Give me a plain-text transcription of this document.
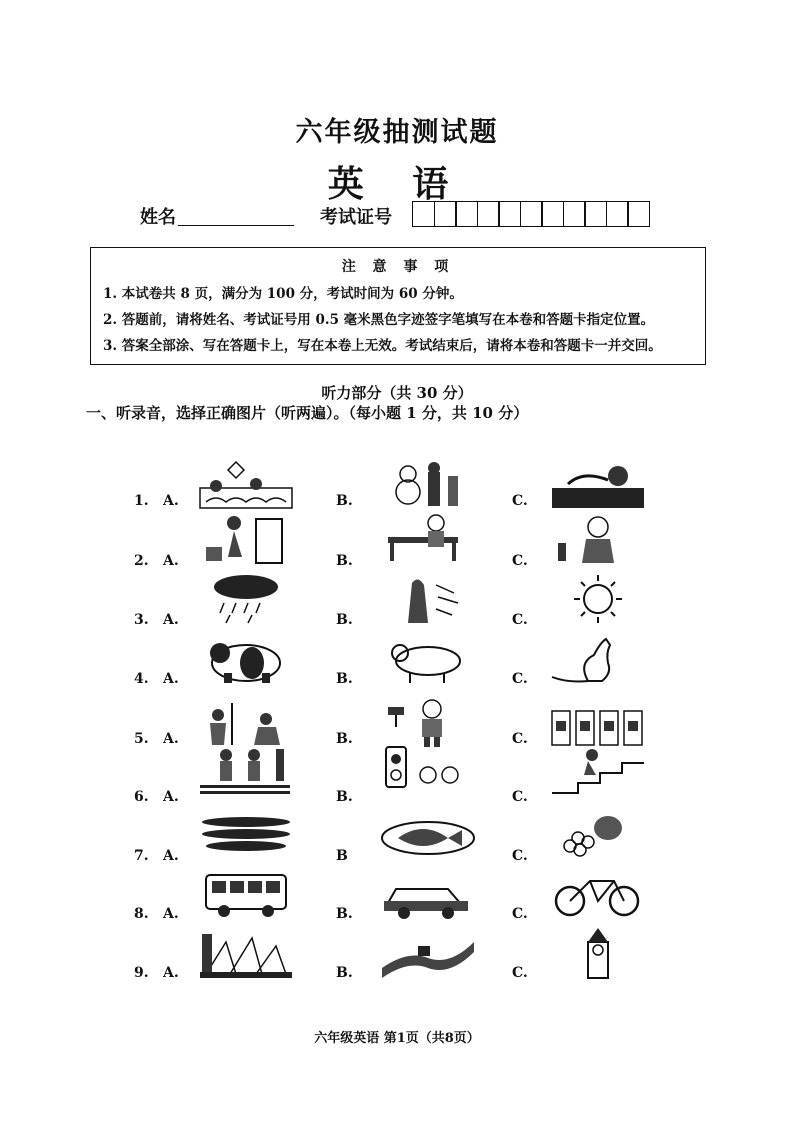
六年级抽测试题
英 语
姓名	考试证号
注 意 事 项
1. 本试卷共 8 页，满分为 100 分，考试时间为 60 分钟。
2. 答题前，请将姓名、考试证号用 0.5 毫米黑色字迹签字笔填写在本卷和答题卡指定位置。
3. 答案全部涂、写在答题卡上，写在本卷上无效。考试结束后，请将本卷和答题卡一并交回。
听力部分（共 30 分）
一、听录音，选择正确图片（听两遍）。（每小题 1 分，共 10 分）
1. A.	B.	C.
2. A.	B.	C.
3. A.	B.	C.
4. A.	B.	C.
5. A.	B.	C.
6. A.	B.	C.
7. A.	B	C.
8. A.	B.	C.
9. A.	B.	C.
六年级英语 第1页（共8页）
